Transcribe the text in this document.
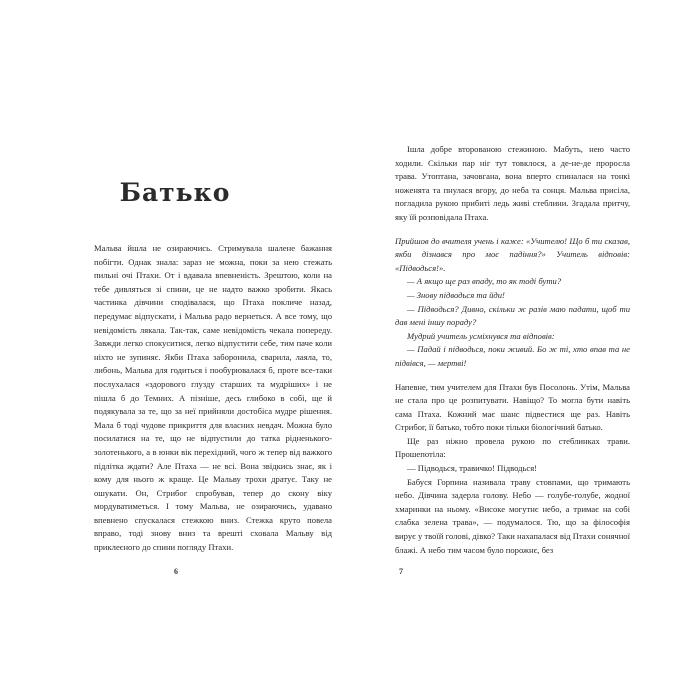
Батько

Мальва йшла не озираючись. Стримувала шалене бажання побігти. Однак знала: зараз не можна, поки за нею стежать пильні очі Птахи. От і вдавала впевненість. Зрештою, коли на тебе дивляться зі спини, це не надто важко зробити. Якась частинка дівчини сподівалася, що Птаха покличе назад, передумає відпускати, і Мальва радо вернеться. А все тому, що невідомість лякала. Так-так, саме невідомість чекала попереду. Завжди легко спокуситися, легко відпустити себе, тим паче коли ніхто не зупиняє. Якби Птаха заборонила, сварила, лаяла, то, либонь, Мальва для годиться і пообурювалася б, проте все-таки послухалася «здорового глузду старших та мудріших» і не пішла б до Темних. А пізніше, десь глибоко в собі, ще й подякувала за те, що за неї прийняли достобіса мудре рішення. Мала б тоді чудове прикриття для власних невдач. Можна було посилатися на те, що не відпустили до татка рідненького-золотенького, а в юнки вік перехідний, чого ж тепер від важкого підлітка ждати? Але Птаха — не всі. Вона звідкись знає, як і кому для нього ж краще. Це Мальву трохи дратує. Таку не ошукати. Он, Стрибог спробував, тепер до скону віку мордуватиметься. І тому Мальва, не озираючись, удавано впевнено спускалася стежкою вниз. Стежка круто повела вправо, тоді знову вниз та врешті сховала Мальву від приклеєного до спини погляду Птахи.

6

Ішла добре второваною стежиною. Мабуть, нею часто ходили. Скільки пар ніг тут товклося, а де-не-де проросла трава. Утоптана, зачовгана, вона вперто спиналася на тонкі ноженята та пнулася вгору, до неба та сонця. Мальва присіла, погладила рукою прибиті ледь живі стеблини. Згадала притчу, яку їй розповідала Птаха.

Прийшов до вчителя учень і каже: «Учителю! Що б ти сказав, якби дізнався про моє падіння?» Учитель відповів: «Підводься!».

— А якщо ще раз впаду, то як тоді бути?

— Знову підводься та йди!

— Підводься? Дивно, скільки ж разів маю падати, щоб ти дав мені іншу пораду?

Мудрий учитель усміхнувся та відповів:

— Падай і підводься, поки живий. Бо ж ті, хто впав та не підвівся, — мертві!

Напевне, тим учителем для Птахи був Посолонь. Утім, Мальва не стала про це розпитувати. Навіщо? То могла бути навіть сама Птаха. Кожний має шанс підвестися ще раз. Навіть Стрибог, її батько, тобто поки тільки біологічний батько.

Ще раз ніжно провела рукою по стеблинках трави. Прошепотіла:

— Підводься, травичко! Підводься!

Бабуся Горпина називала траву стовпами, що тримають небо. Дівчина задерла голову. Небо — голубе-голубе, жодної хмаринки на ньому. «Високе могутнє небо, а тримає на собі слабка зелена трава», — подумалося. Тю, що за філософія вирує у твоїй голові, дівко? Таки нахапалася від Птахи сонячної блажі. А небо тим часом було порожнє, без

7
